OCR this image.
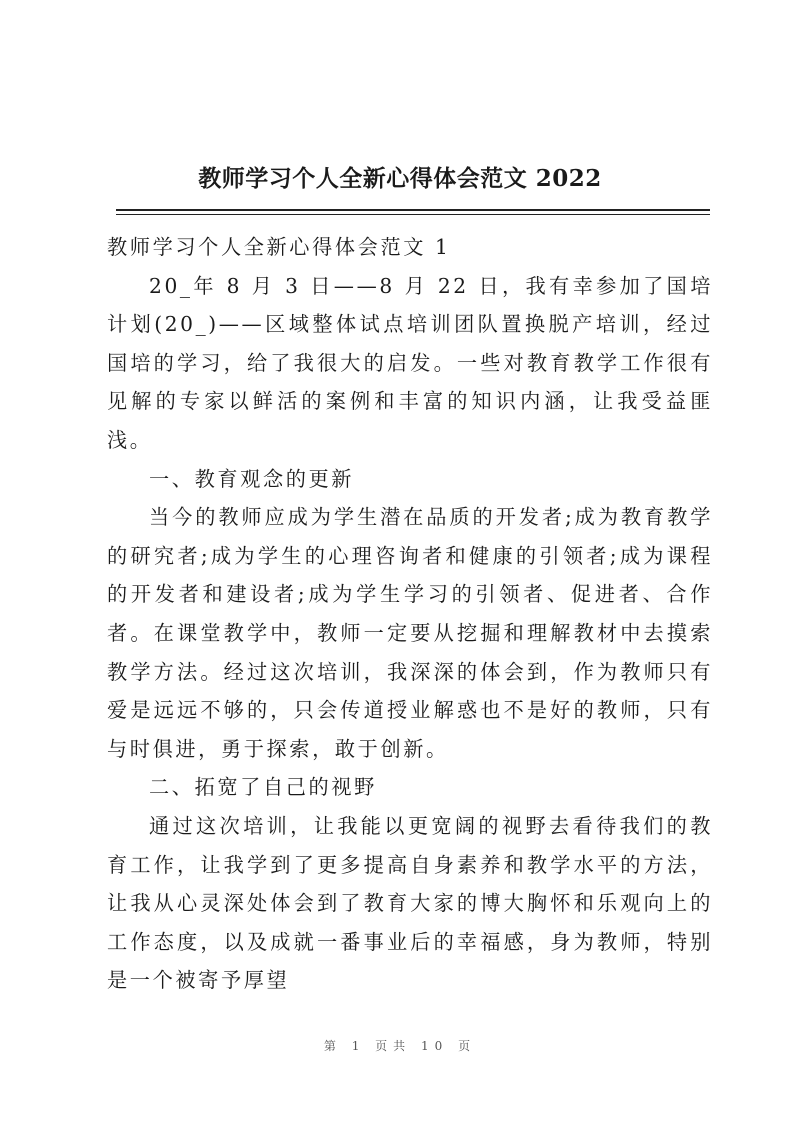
教师学习个人全新心得体会范文 2022

教师学习个人全新心得体会范文 1

20_年 8 月 3 日——8 月 22 日，我有幸参加了国培计划(20_)——区域整体试点培训团队置换脱产培训，经过国培的学习，给了我很大的启发。一些对教育教学工作很有见解的专家以鲜活的案例和丰富的知识内涵，让我受益匪浅。

一、教育观念的更新

当今的教师应成为学生潜在品质的开发者;成为教育教学的研究者;成为学生的心理咨询者和健康的引领者;成为课程的开发者和建设者;成为学生学习的引领者、促进者、合作者。在课堂教学中，教师一定要从挖掘和理解教材中去摸索教学方法。经过这次培训，我深深的体会到，作为教师只有爱是远远不够的，只会传道授业解惑也不是好的教师，只有与时俱进，勇于探索，敢于创新。

二、拓宽了自己的视野

通过这次培训，让我能以更宽阔的视野去看待我们的教育工作，让我学到了更多提高自身素养和教学水平的方法，让我从心灵深处体会到了教育大家的博大胸怀和乐观向上的工作态度，以及成就一番事业后的幸福感，身为教师，特别是一个被寄予厚望

第 1 页共 10 页
